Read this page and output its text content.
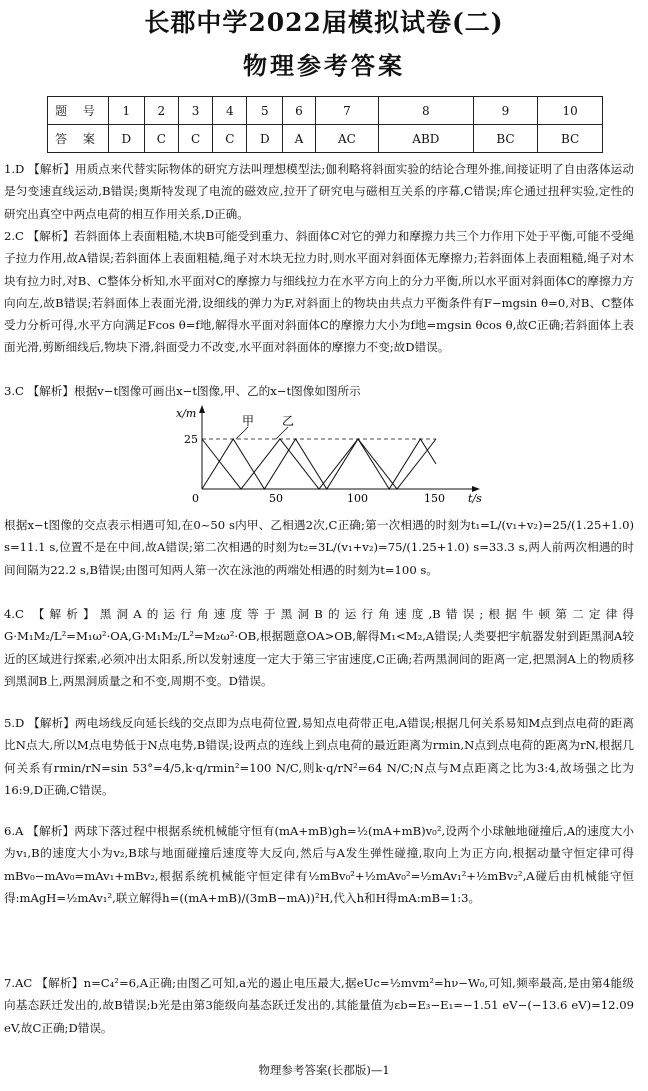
长郡中学2022届模拟试卷(二)
物理参考答案
题 号	1	2	3	4	5	6	7	8	9	10
答 案	D	C	C	C	D	A	AC	ABD	BC	BC
1.D 【解析】用质点来代替实际物体的研究方法叫理想模型法;伽利略将斜面实验的结论合理外推,间接证明了自由落体运动是匀变速直线运动,B错误;奥斯特发现了电流的磁效应,拉开了研究电与磁相互关系的序幕,C错误;库仑通过扭秤实验,定性的研究出真空中两点电荷的相互作用关系,D正确。
2.C 【解析】若斜面体上表面粗糙,木块B可能受到重力、斜面体C对它的弹力和摩擦力共三个力作用下处于平衡,可能不受绳子拉力作用,故A错误;若斜面体上表面粗糙,绳子对木块无拉力时,则水平面对斜面体无摩擦力;若斜面体上表面粗糙,绳子对木块有拉力时,对B、C整体分析知,水平面对C的摩擦力与细线拉力在水平方向上的分力平衡,所以水平面对斜面体C的摩擦力方向向左,故B错误;若斜面体上表面光滑,设细线的弹力为F,对斜面上的物块由共点力平衡条件有F−mgsin θ=0,对B、C整体受力分析可得,水平方向满足Fcos θ=f地,解得水平面对斜面体C的摩擦力大小为f地=mgsin θcos θ,故C正确;若斜面体上表面光滑,剪断细线后,物块下滑,斜面受力不改变,水平面对斜面体的摩擦力不变;故D错误。
3.C 【解析】根据v−t图像可画出x−t图像,甲、乙的x−t图像如图所示
x/m
25
0	50	100	150 t/s
甲 乙
根据x−t图像的交点表示相遇可知,在0~50 s内甲、乙相遇2次,C正确;第一次相遇的时刻为t₁=L/(v₁+v₂)=25/(1.25+1.0) s=11.1 s,位置不是在中间,故A错误;第二次相遇的时刻为t₂=3L/(v₁+v₂)=75/(1.25+1.0) s=33.3 s,两人前两次相遇的时间间隔为22.2 s,B错误;由图可知两人第一次在泳池的两端处相遇的时刻为t=100 s。
4.C 【解析】黑洞A的运行角速度等于黑洞B的运行角速度,B错误;根据牛顿第二定律得G·M₁M₂/L²=M₁ω²·OA,G·M₁M₂/L²=M₂ω²·OB,根据题意OA>OB,解得M₁<M₂,A错误;人类要把宇航器发射到距黑洞A较近的区域进行探索,必须冲出太阳系,所以发射速度一定大于第三宇宙速度,C正确;若两黑洞间的距离一定,把黑洞A上的物质移到黑洞B上,两黑洞质量之和不变,周期不变。D错误。
5.D 【解析】两电场线反向延长线的交点即为点电荷位置,易知点电荷带正电,A错误;根据几何关系易知M点到点电荷的距离比N点大,所以M点电势低于N点电势,B错误;设两点的连线上到点电荷的最近距离为rmin,N点到点电荷的距离为rN,根据几何关系有rmin/rN=sin 53°=4/5,k·q/rmin²=100 N/C,则k·q/rN²=64 N/C;N点与M点距离之比为3:4,故场强之比为16:9,D正确,C错误。
6.A 【解析】两球下落过程中根据系统机械能守恒有(mA+mB)gh=½(mA+mB)v₀²,设两个小球触地碰撞后,A的速度大小为v₁,B的速度大小为v₂,B球与地面碰撞后速度等大反向,然后与A发生弹性碰撞,取向上为正方向,根据动量守恒定律可得mBv₀−mAv₀=mAv₁+mBv₂,根据系统机械能守恒定律有½mBv₀²+½mAv₀²=½mAv₁²+½mBv₂²,A碰后由机械能守恒得:mAgH=½mAv₁²,联立解得h=((mA+mB)/(3mB−mA))²H,代入h和H得mA:mB=1:3。
7.AC 【解析】n=C₄²=6,A正确;由图乙可知,a光的遏止电压最大,据eUc=½mvm²=hν−W₀,可知,频率最高,是由第4能级向基态跃迁发出的,故B错误;b光是由第3能级向基态跃迁发出的,其能量值为εb=E₃−E₁=−1.51 eV−(−13.6 eV)=12.09 eV,故C正确;D错误。
物理参考答案(长郡版)—1
